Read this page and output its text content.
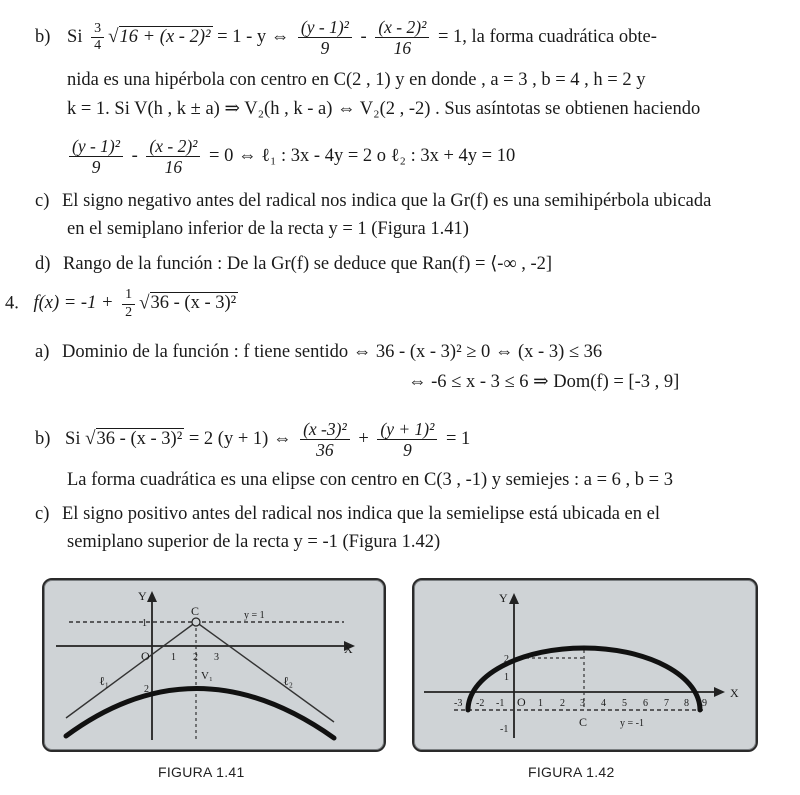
b) Si $\frac{3}{4} √16 + (x - 2)^2 = 1 - y$ ⇔ $\frac{\text{(y - 1)²}}{9} - \frac{\text{(x - 2)²}}{16} = 1$, la forma cuadrática obte-
nida es una hipérbola con centro en C(2 , 1) y en donde , a = 3 , b = 4 , h = 2 y
k = 1. Si V(h , k ± a) ⇒ V₂(h , k - a) ⇔ V₂(2 , -2) . Sus asíntotas se obtienen haciendo
$\frac{\text{(y - 1)²}}{9} - \frac{\text{(x - 2)²}}{16} = 0$ ⇔ ℓ₁ : 3x - 4y = 2 o ℓ₂ : 3x + 4y = 10
c) El signo negativo antes del radical nos indica que la Gr(f) es una semihipérbola ubicada
en el semiplano inferior de la recta y = 1 (Figura 1.41)
d) Rango de la función : De la Gr(f) se deduce que Ran(f) = ⟨-∞ , -2]
4. $f(x) = -1 + \frac{1}{2} √36 - (x - 3)^2$
a) Dominio de la función : f tiene sentido ⇔ 36 - (x - 3)² ≥ 0 ⇔ (x - 3) ≤ 36
⇔ -6 ≤ x - 3 ≤ 6 ⇒ Dom(f) = [-3 , 9]
b) Si √36 - (x - 3)² = 2 (y + 1) ⇔ $\frac{\text{(x -3)²}}{36} + \frac{\text{(y + 1)²}}{9} = 1$
La forma cuadrática es una elipse con centro en C(3 , -1) y semiejes : a = 6 , b = 3
c) El signo positivo antes del radical nos indica que la semielipse está ubicada en el
semiplano superior de la recta y = -1 (Figura 1.42)
Y
X
C	y = 1
1
O 1 2 3
V₁
ℓ₁	ℓ₂
2
FIGURA 1.41
Y
X
2
1
-1
-3 -2 -1 O 1 2 3 4 5 6 7 8 9
C	y = -1
FIGURA 1.42
